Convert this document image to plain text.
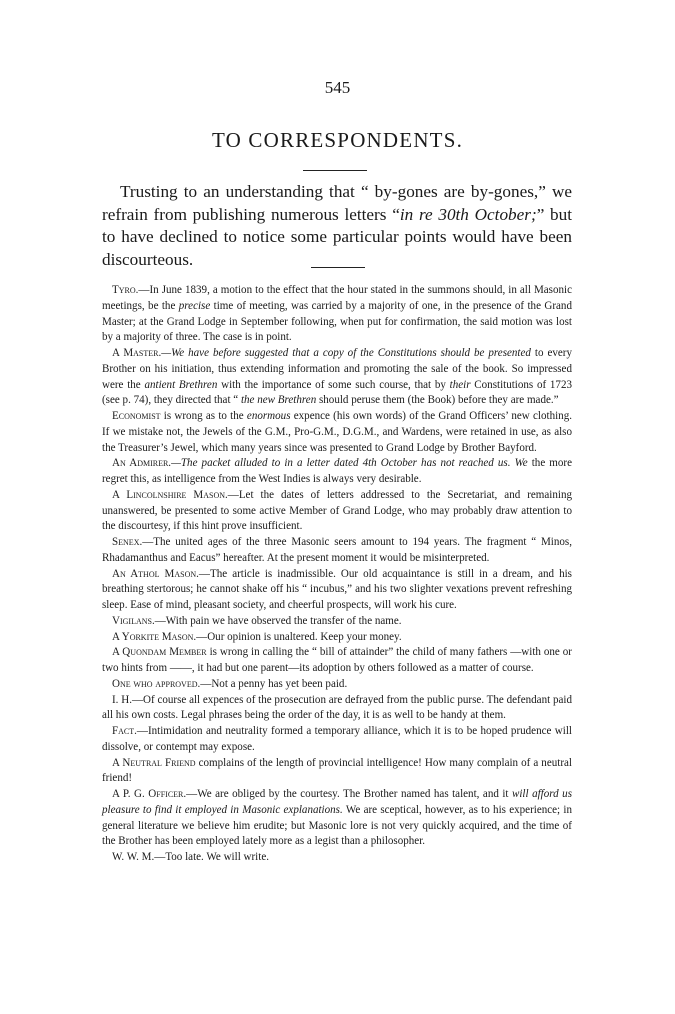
545
TO CORRESPONDENTS.

Trusting to an understanding that “ by-gones are by-gones,” we refrain from publishing numerous letters “in re 30th October;” but to have declined to notice some particular points would have been discourteous.

Tyro.—In June 1839, a motion to the effect that the hour stated in the summons should, in all Masonic meetings, be the precise time of meeting, was carried by a majority of one, in the presence of the Grand Master; at the Grand Lodge in September following, when put for confirmation, the said motion was lost by a majority of three. The case is in point.

A Master.—We have before suggested that a copy of the Constitutions should be presented to every Brother on his initiation, thus extending information and promoting the sale of the book. So impressed were the antient Brethren with the importance of some such course, that by their Constitutions of 1723 (see p. 74), they directed that “ the new Brethren should peruse them (the Book) before they are made.”

Economist is wrong as to the enormous expence (his own words) of the Grand Officers’ new clothing. If we mistake not, the Jewels of the G.M., Pro-G.M., D.G.M., and Wardens, were retained in use, as also the Treasurer’s Jewel, which many years since was presented to Grand Lodge by Brother Bayford.

An Admirer.—The packet alluded to in a letter dated 4th October has not reached us. We the more regret this, as intelligence from the West Indies is always very desirable.

A Lincolnshire Mason.—Let the dates of letters addressed to the Secretariat, and remaining unanswered, be presented to some active Member of Grand Lodge, who may probably draw attention to the discourtesy, if this hint prove insufficient.

Senex.—The united ages of the three Masonic seers amount to 194 years. The fragment “ Minos, Rhadamanthus and Eacus” hereafter. At the present moment it would be misinterpreted.

An Athol Mason.—The article is inadmissible. Our old acquaintance is still in a dream, and his breathing stertorous; he cannot shake off his “ incubus,” and his two slighter vexations prevent refreshing sleep. Ease of mind, pleasant society, and cheerful prospects, will work his cure.

Vigilans.—With pain we have observed the transfer of the name.

A Yorkite Mason.—Our opinion is unaltered. Keep your money.

A Quondam Member is wrong in calling the “ bill of attainder” the child of many fathers —with one or two hints from ——, it had but one parent—its adoption by others followed as a matter of course.

One who approved.—Not a penny has yet been paid.

I. H.—Of course all expences of the prosecution are defrayed from the public purse. The defendant paid all his own costs. Legal phrases being the order of the day, it is as well to be handy at them.

Fact.—Intimidation and neutrality formed a temporary alliance, which it is to be hoped prudence will dissolve, or contempt may expose.

A Neutral Friend complains of the length of provincial intelligence! How many complain of a neutral friend!

A P. G. Officer.—We are obliged by the courtesy. The Brother named has talent, and it will afford us pleasure to find it employed in Masonic explanations. We are sceptical, however, as to his experience; in general literature we believe him erudite; but Masonic lore is not very quickly acquired, and the time of the Brother has been employed lately more as a legist than a philosopher.

W. W. M.—Too late. We will write.
